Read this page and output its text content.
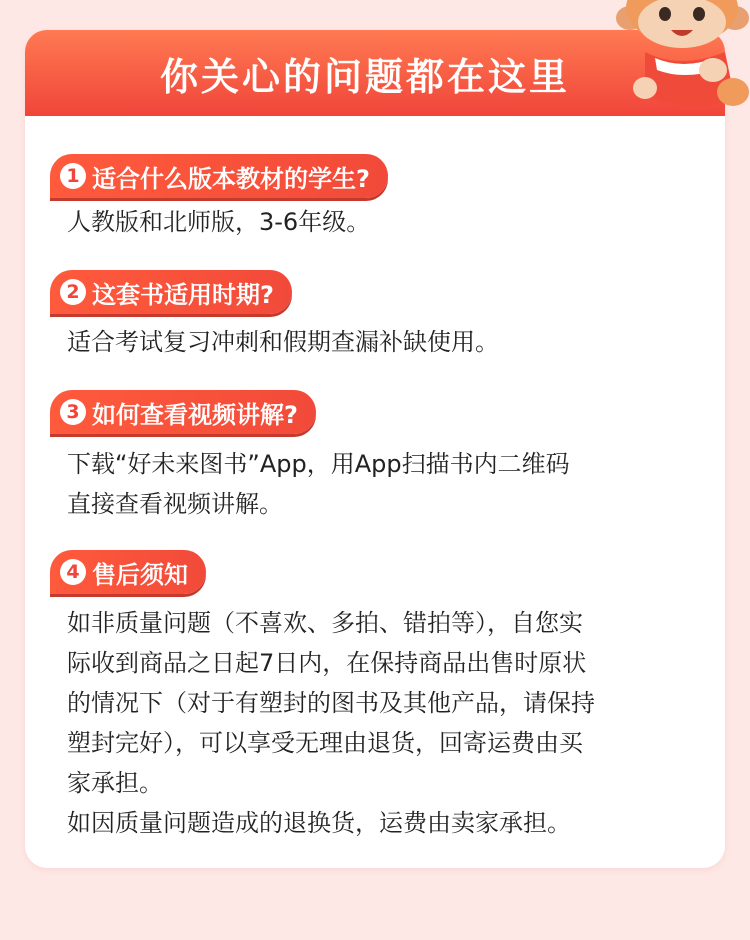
你关心的问题都在这里
1 适合什么版本教材的学生?
人教版和北师版，3-6年级。
2 这套书适用时期?
适合考试复习冲刺和假期查漏补缺使用。
3 如何查看视频讲解?
下载“好未来图书”App，用App扫描书内二维码
直接查看视频讲解。
4 售后须知
如非质量问题（不喜欢、多拍、错拍等），自您实
际收到商品之日起7日内，在保持商品出售时原状
的情况下（对于有塑封的图书及其他产品，请保持
塑封完好），可以享受无理由退货，回寄运费由买
家承担。
如因质量问题造成的退换货，运费由卖家承担。
